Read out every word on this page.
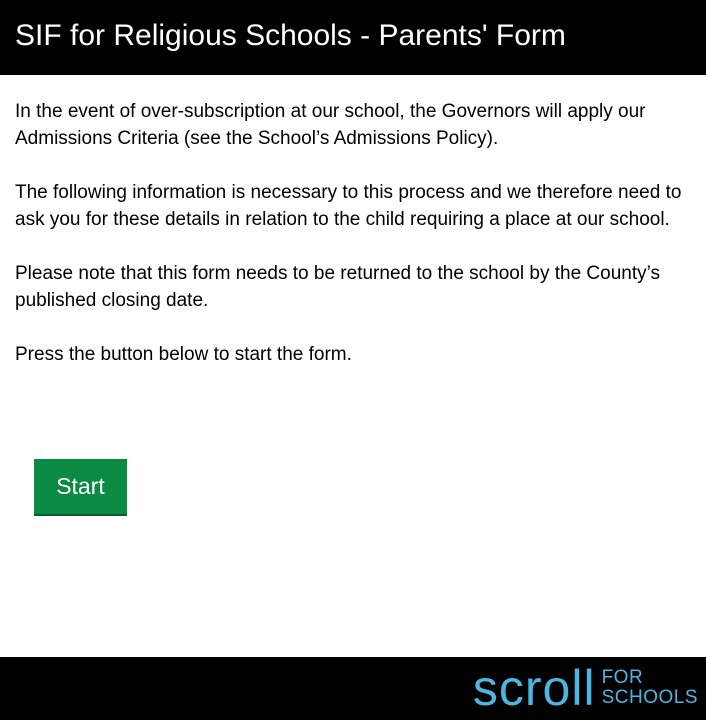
SIF for Religious Schools - Parents' Form

In the event of over-subscription at our school, the Governors will apply our Admissions Criteria (see the School’s Admissions Policy).

The following information is necessary to this process and we therefore need to ask you for these details in relation to the child requiring a place at our school.

Please note that this form needs to be returned to the school by the County’s published closing date.

Press the button below to start the form.

Start
scroll FOR
SCHOOLS
